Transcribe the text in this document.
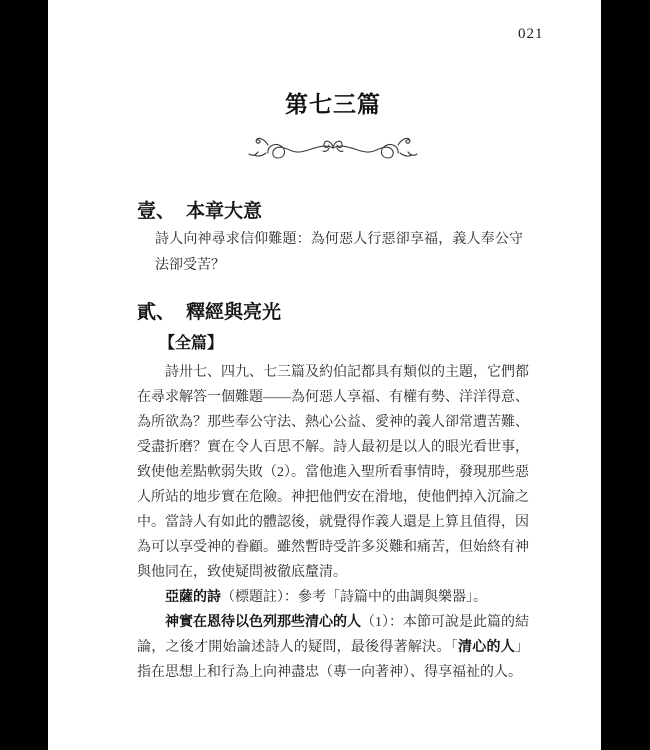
021
第七三篇
壹、 本章大意

詩人向神尋求信仰難題：為何惡人行惡卻享福，義人奉公守法卻受苦？

貳、 釋經與亮光
【全篇】

詩卅七、四九、七三篇及約伯記都具有類似的主題，它們都在尋求解答一個難題——為何惡人享福、有權有勢、洋洋得意、為所欲為？那些奉公守法、熱心公益、愛神的義人卻常遭苦難、受盡折磨？實在令人百思不解。詩人最初是以人的眼光看世事，致使他差點軟弱失敗（2）。當他進入聖所看事情時，發現那些惡人所站的地步實在危險。神把他們安在滑地，使他們掉入沉淪之中。當詩人有如此的體認後，就覺得作義人還是上算且值得，因為可以享受神的眷顧。雖然暫時受許多災難和痛苦，但始終有神與他同在，致使疑問被徹底釐清。

亞薩的詩（標題註）：參考「詩篇中的曲調與樂器」。

神實在恩待以色列那些清心的人（1）：本節可說是此篇的結論，之後才開始論述詩人的疑問，最後得著解決。「清心的人」指在思想上和行為上向神盡忠（專一向著神）、得享福祉的人。
